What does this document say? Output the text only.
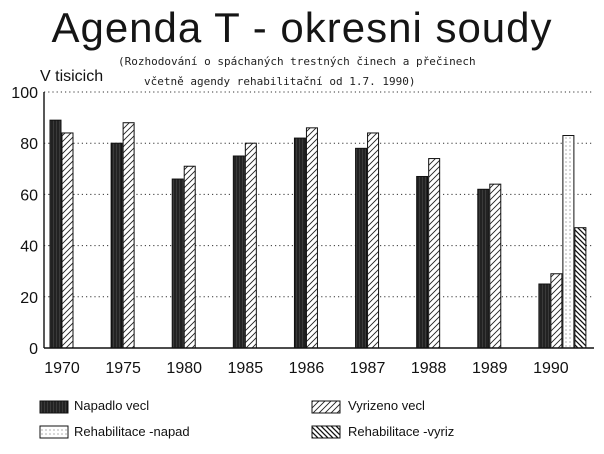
Agenda T - okresni soudy
(Rozhodování o spáchaných trestných činech a přečinech
včetně agendy rehabilitační od 1.7. 1990)
V tisicich
0
20
40
60
80
100
1970 1975 1980 1985 1986 1987 1988 1989 1990
Napadlo vecl	Vyrizeno vecl
Rehabilitace -napad	Rehabilitace -vyriz
